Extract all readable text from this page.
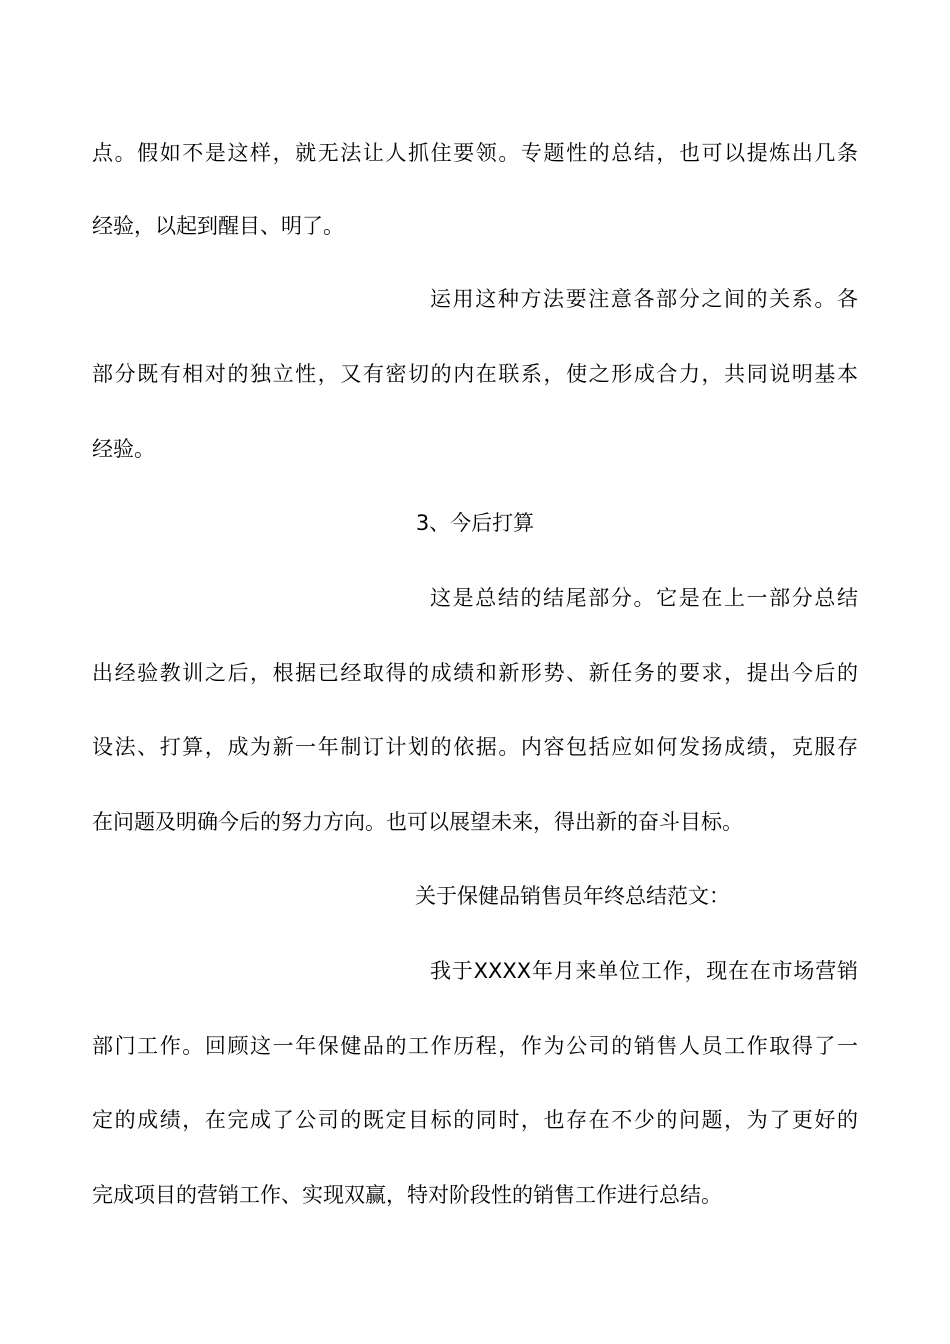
点。假如不是这样，就无法让人抓住要领。专题性的总结，也可以提炼出几条
经验，以起到醒目、明了。
运用这种方法要注意各部分之间的关系。各
部分既有相对的独立性，又有密切的内在联系，使之形成合力，共同说明基本
经验。
3、今后打算
这是总结的结尾部分。它是在上一部分总结
出经验教训之后，根据已经取得的成绩和新形势、新任务的要求，提出今后的
设法、打算，成为新一年制订计划的依据。内容包括应如何发扬成绩，克服存
在问题及明确今后的努力方向。也可以展望未来，得出新的奋斗目标。
关于保健品销售员年终总结范文：
我于XXXX年月来单位工作，现在在市场营销
部门工作。回顾这一年保健品的工作历程，作为公司的销售人员工作取得了一
定的成绩，在完成了公司的既定目标的同时，也存在不少的问题，为了更好的
完成项目的营销工作、实现双赢，特对阶段性的销售工作进行总结。
